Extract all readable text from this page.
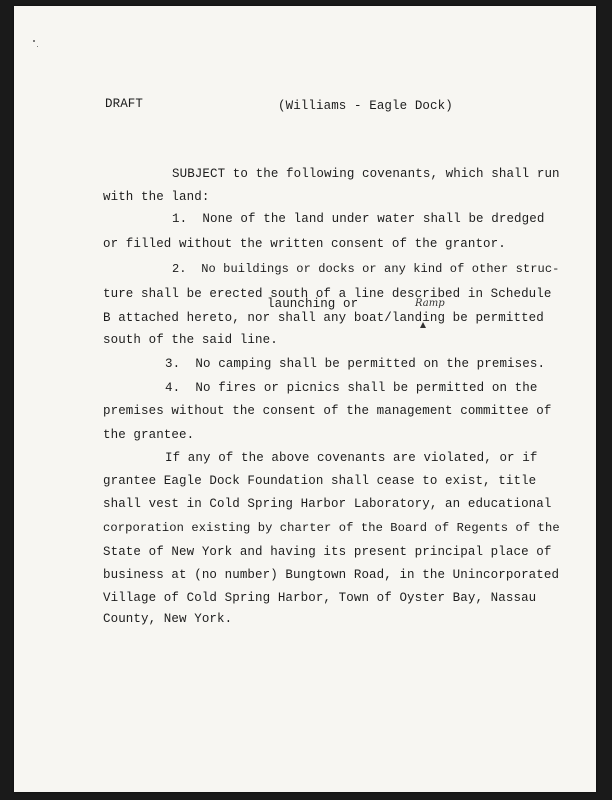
DRAFT	(Williams - Eagle Dock)
SUBJECT to the following covenants, which shall run
with the land:
1.  None of the land under water shall be dredged
or filled without the written consent of the grantor.
2.  No buildings or docks or any kind of other struc-
ture shall be erected south of a line described in Schedule
launching or	Ramp
B attached hereto, nor shall any boat/landing be permitted
south of the said line.
3.  No camping shall be permitted on the premises.
4.  No fires or picnics shall be permitted on the
premises without the consent of the management committee of
the grantee.
If any of the above covenants are violated, or if
grantee Eagle Dock Foundation shall cease to exist, title
shall vest in Cold Spring Harbor Laboratory, an educational
corporation existing by charter of the Board of Regents of the
State of New York and having its present principal place of
business at (no number) Bungtown Road, in the Unincorporated
Village of Cold Spring Harbor, Town of Oyster Bay, Nassau
County, New York.
